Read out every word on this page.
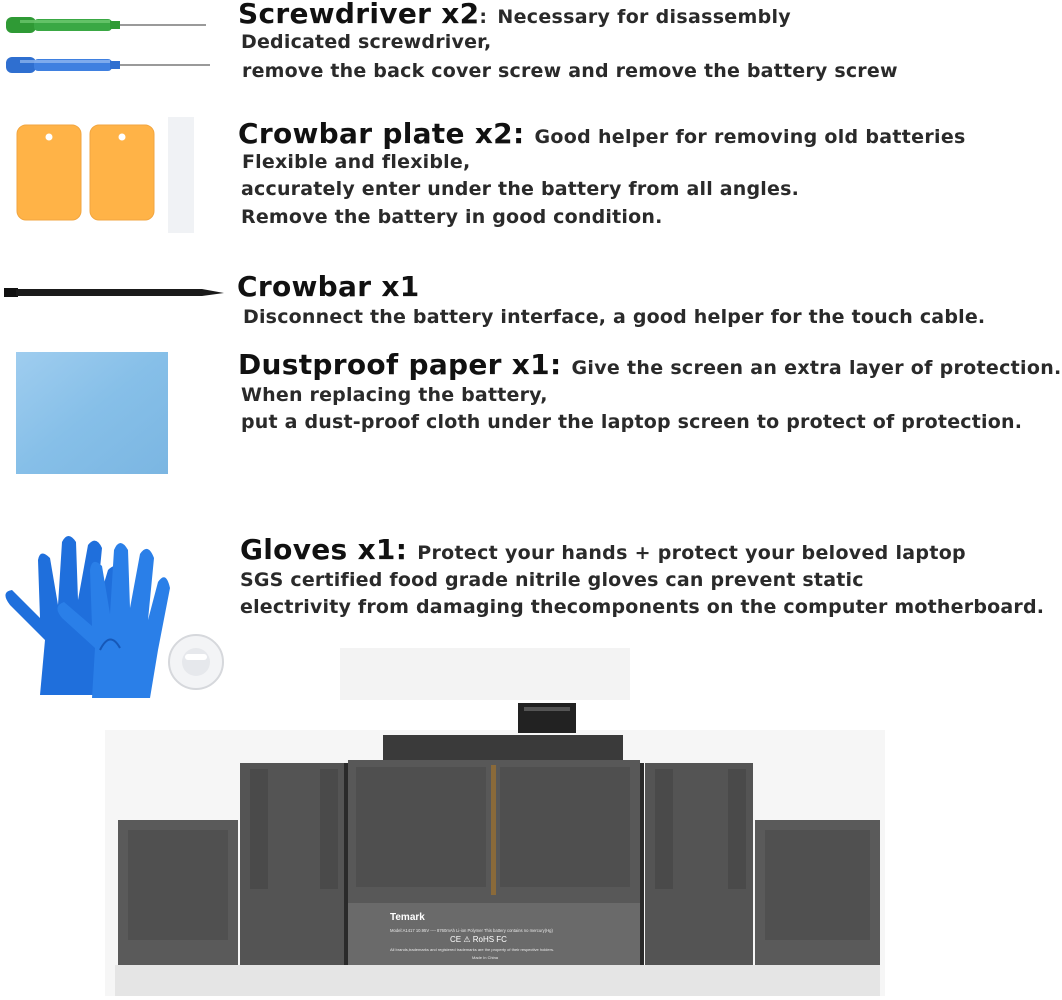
Screwdriver x2: Necessary for disassembly
Dedicated screwdriver,
remove the back cover screw and remove the battery screw
Crowbar plate x2: Good helper for removing old batteries
Flexible and flexible,
accurately enter under the battery from all angles.
Remove the battery in good condition.
Crowbar x1
Disconnect the battery interface, a good helper for the touch cable.
Dustproof paper x1: Give the screen an extra layer of protection.
When replacing the battery,
put a dust-proof cloth under the laptop screen to protect of protection.
Gloves x1: Protect your hands + protect your beloved laptop
SGS certified food grade nitrile gloves can prevent static
electrivity from damaging thecomponents on the computer motherboard.
Temark
Model:A1417 10.95V ---- 8760mAh Li-ion Polymer This battery contains no mercury(Hg)
CE ⚠ RoHS FC
All brands,trademarks and registered trademarks are the property of their respective holders.
Made In China
